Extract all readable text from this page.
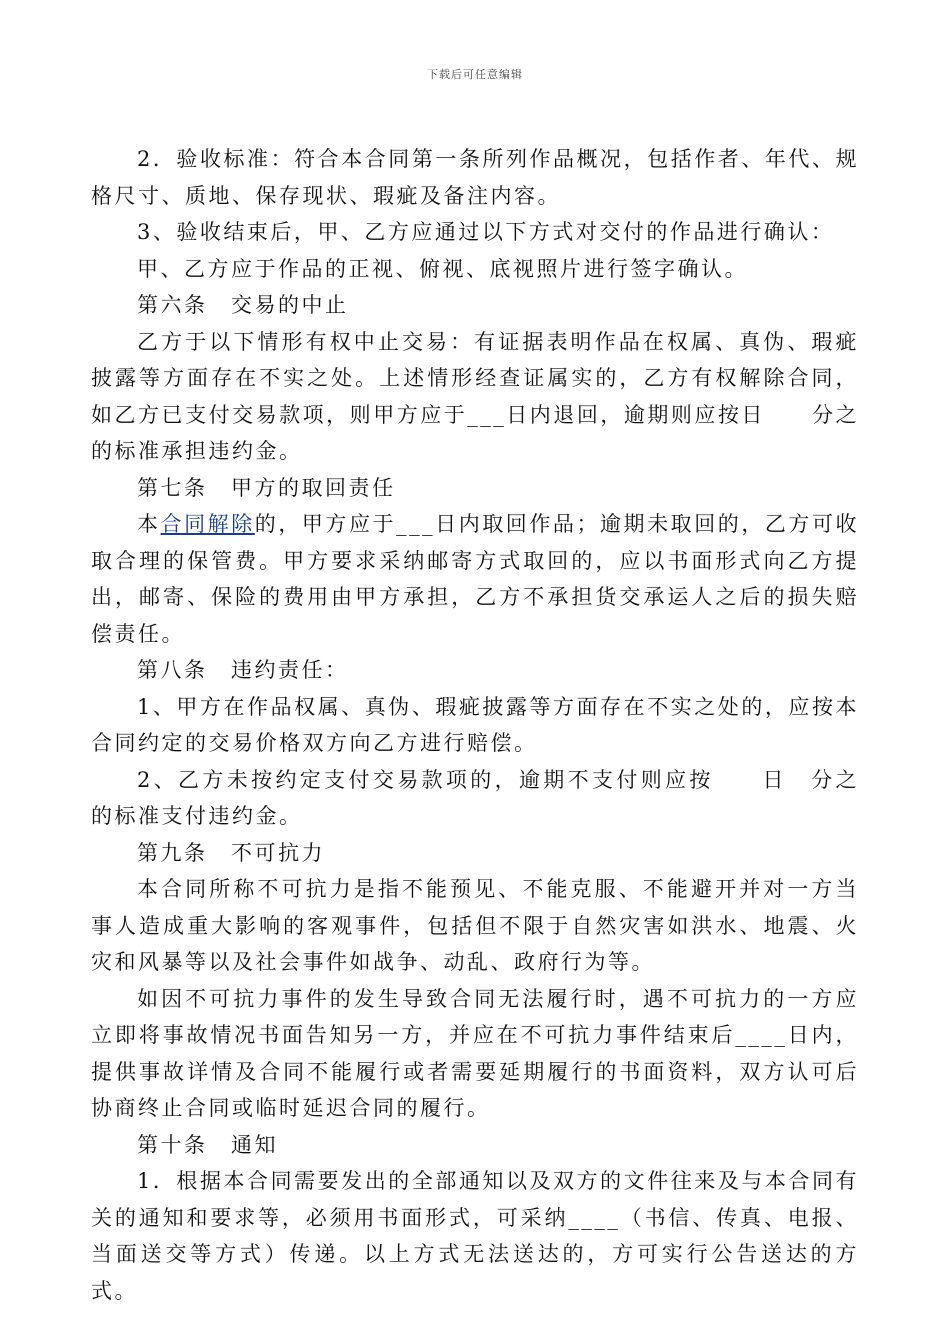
下载后可任意编辑

2．验收标准：符合本合同第一条所列作品概况，包括作者、年代、规格尺寸、质地、保存现状、瑕疵及备注内容。

3、验收结束后，甲、乙方应通过以下方式对交付的作品进行确认：

甲、乙方应于作品的正视、俯视、底视照片进行签字确认。

第六条　交易的中止

乙方于以下情形有权中止交易：有证据表明作品在权属、真伪、瑕疵披露等方面存在不实之处。上述情形经查证属实的，乙方有权解除合同，如乙方已支付交易款项，则甲方应于___日内退回，逾期则应按日　　分之　　的标准承担违约金。

第七条　甲方的取回责任

本合同解除的，甲方应于___日内取回作品；逾期未取回的，乙方可收取合理的保管费。甲方要求采纳邮寄方式取回的，应以书面形式向乙方提出，邮寄、保险的费用由甲方承担，乙方不承担货交承运人之后的损失赔偿责任。

第八条　违约责任：

1、甲方在作品权属、真伪、瑕疵披露等方面存在不实之处的，应按本合同约定的交易价格双方向乙方进行赔偿。

2、乙方未按约定支付交易款项的，逾期不支付则应按　　日　分之　　的标准支付违约金。

第九条　不可抗力

本合同所称不可抗力是指不能预见、不能克服、不能避开并对一方当事人造成重大影响的客观事件，包括但不限于自然灾害如洪水、地震、火灾和风暴等以及社会事件如战争、动乱、政府行为等。

如因不可抗力事件的发生导致合同无法履行时，遇不可抗力的一方应立即将事故情况书面告知另一方，并应在不可抗力事件结束后____日内，提供事故详情及合同不能履行或者需要延期履行的书面资料，双方认可后协商终止合同或临时延迟合同的履行。

第十条　通知

1．根据本合同需要发出的全部通知以及双方的文件往来及与本合同有关的通知和要求等，必须用书面形式，可采纳____（书信、传真、电报、当面送交等方式）传递。以上方式无法送达的，方可实行公告送达的方式。
